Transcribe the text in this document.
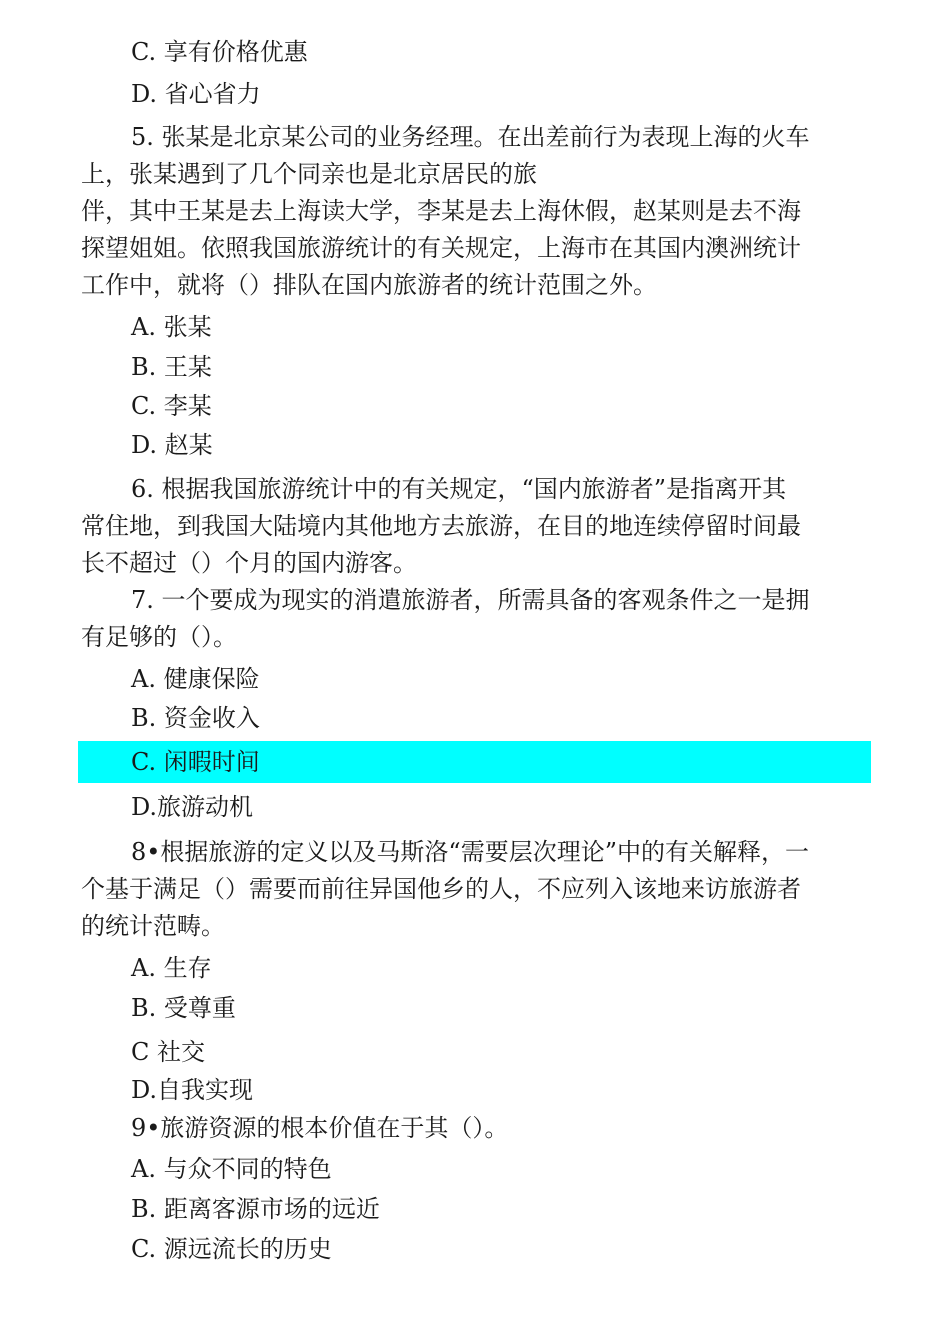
C. 享有价格优惠
D. 省心省力
5. 张某是北京某公司的业务经理。在出差前行为表现上海的火车
上，张某遇到了几个同亲也是北京居民的旅
伴，其中王某是去上海读大学，李某是去上海休假，赵某则是去不海
探望姐姐。依照我国旅游统计的有关规定，上海市在其国内澳洲统计
工作中，就将（）排队在国内旅游者的统计范围之外。
A. 张某
B. 王某
C. 李某
D. 赵某
6. 根据我国旅游统计中的有关规定，“国内旅游者”是指离开其
常住地，到我国大陆境内其他地方去旅游，在目的地连续停留时间最
长不超过（）个月的国内游客。
7. 一个要成为现实的消遣旅游者，所需具备的客观条件之一是拥
有足够的（）。
A. 健康保险
B. 资金收入
C. 闲暇时间
D.旅游动机
8•根据旅游的定义以及马斯洛“需要层次理论”中的有关解释，一
个基于满足（）需要而前往异国他乡的人，不应列入该地来访旅游者
的统计范畴。
A. 生存
B. 受尊重
C 社交
D.自我实现
9•旅游资源的根本价值在于其（）。
A. 与众不同的特色
B. 距离客源市场的远近
C. 源远流长的历史
